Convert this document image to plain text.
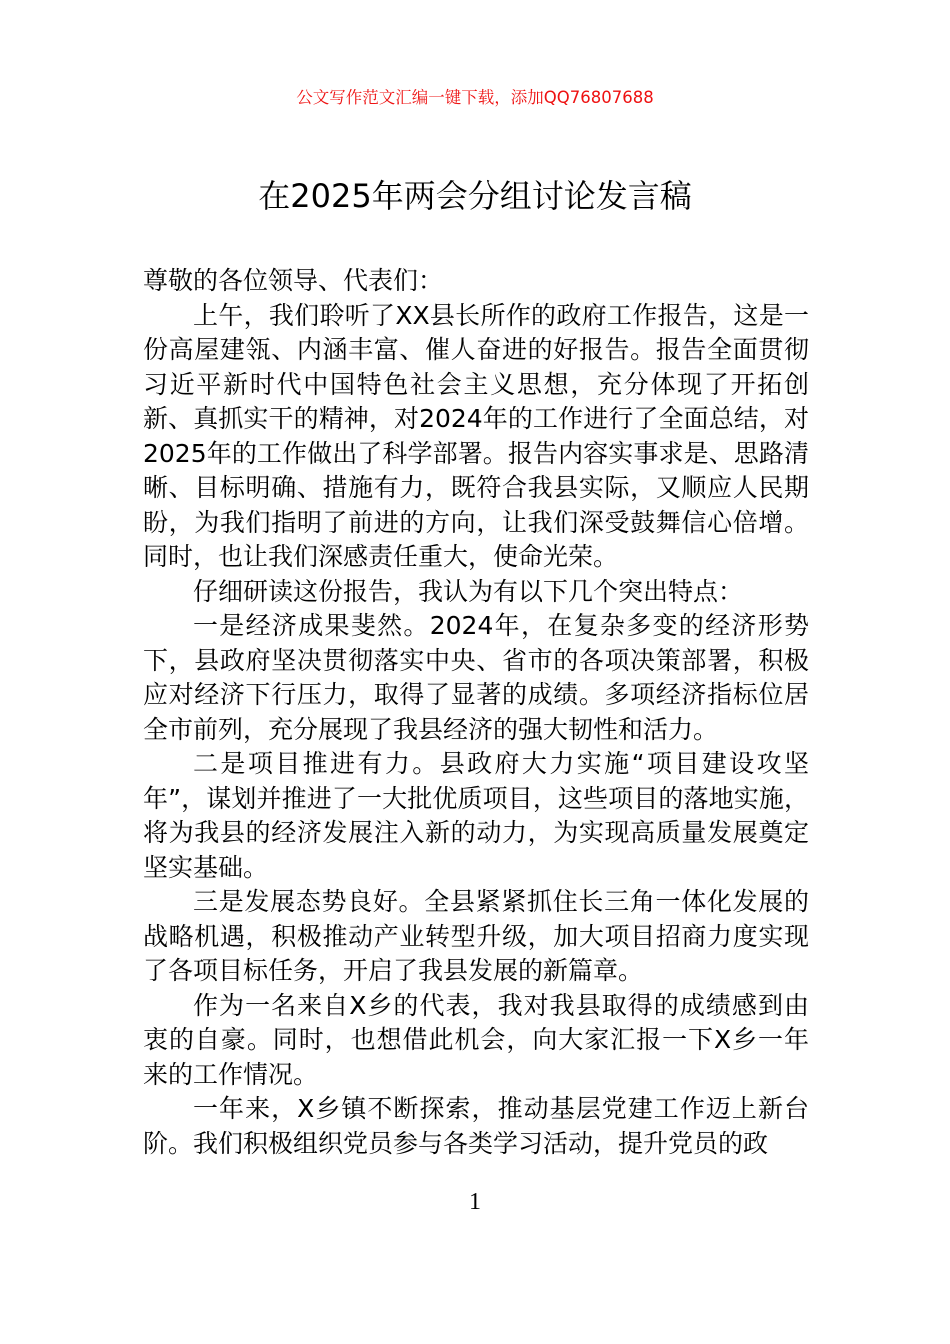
公文写作范文汇编一键下载，添加QQ76807688
在2025年两会分组讨论发言稿

尊敬的各位领导、代表们：

上午，我们聆听了XX县长所作的政府工作报告，这是一份高屋建瓴、内涵丰富、催人奋进的好报告。报告全面贯彻习近平新时代中国特色社会主义思想，充分体现了开拓创新、真抓实干的精神，对2024年的工作进行了全面总结，对2025年的工作做出了科学部署。报告内容实事求是、思路清晰、目标明确、措施有力，既符合我县实际，又顺应人民期盼，为我们指明了前进的方向，让我们深受鼓舞信心倍增。同时，也让我们深感责任重大，使命光荣。

仔细研读这份报告，我认为有以下几个突出特点：

一是经济成果斐然。2024年，在复杂多变的经济形势下，县政府坚决贯彻落实中央、省市的各项决策部署，积极应对经济下行压力，取得了显著的成绩。多项经济指标位居全市前列，充分展现了我县经济的强大韧性和活力。

二是项目推进有力。县政府大力实施“项目建设攻坚年”，谋划并推进了一大批优质项目，这些项目的落地实施，将为我县的经济发展注入新的动力，为实现高质量发展奠定坚实基础。

三是发展态势良好。全县紧紧抓住长三角一体化发展的战略机遇，积极推动产业转型升级，加大项目招商力度实现了各项目标任务，开启了我县发展的新篇章。

作为一名来自X乡的代表，我对我县取得的成绩感到由衷的自豪。同时，也想借此机会，向大家汇报一下X乡一年来的工作情况。

一年来，X乡镇不断探索，推动基层党建工作迈上新台阶。我们积极组织党员参与各类学习活动，提升党员的政

1
